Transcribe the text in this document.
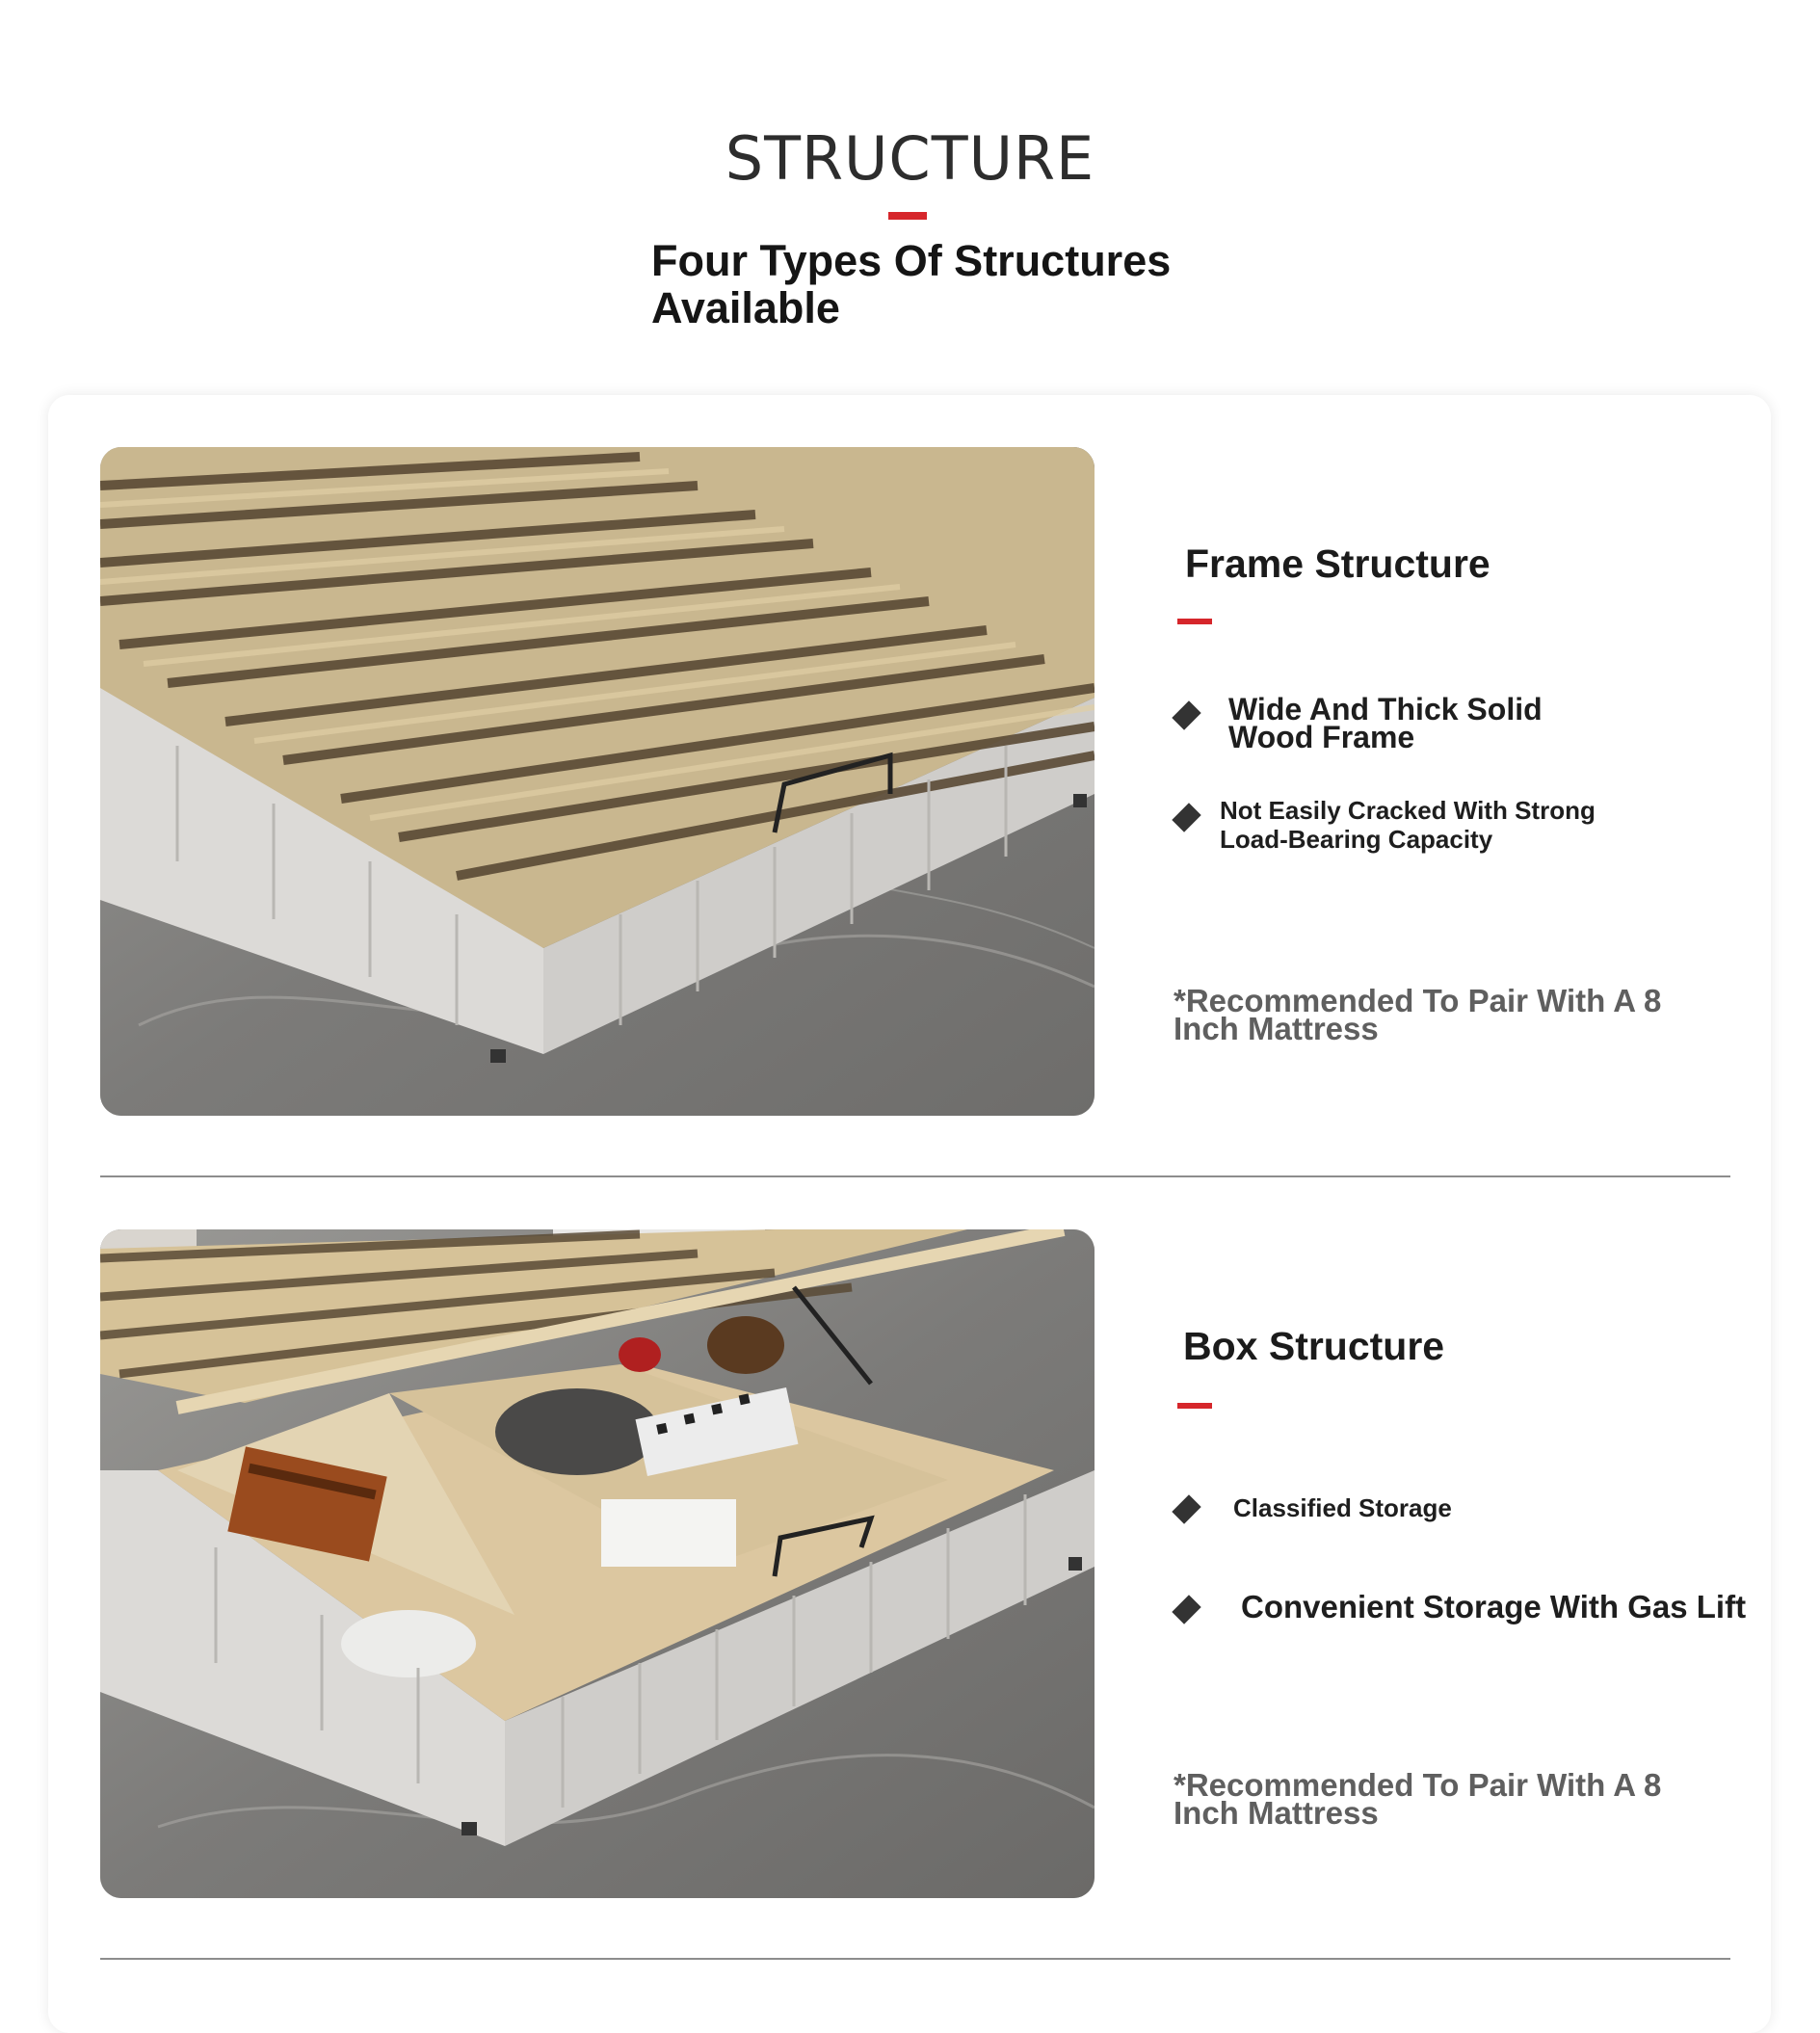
STRUCTURE
Four Types Of Structures Available
Frame Structure
Wide And Thick Solid Wood Frame
Not Easily Cracked With Strong Load-Bearing Capacity
*Recommended To Pair With A 8 Inch Mattress
Box Structure
Classified Storage
Convenient Storage With Gas Lift
*Recommended To Pair With A 8 Inch Mattress
